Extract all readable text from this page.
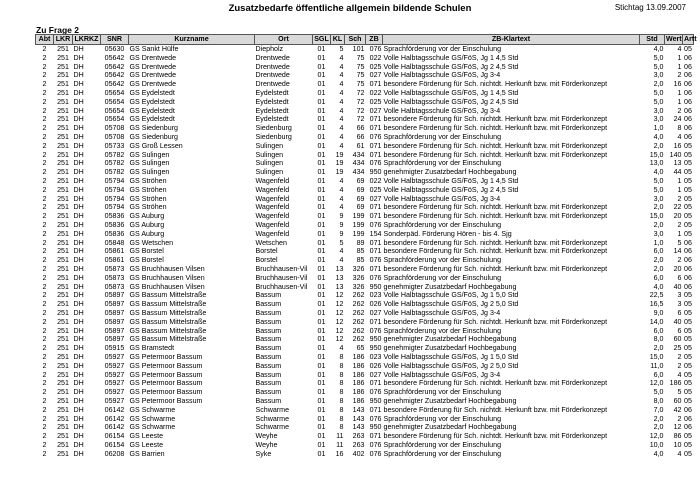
Zusatzbedarfe öffentliche allgemein bildende Schulen	Stichtag 13.09.2007
Zu Frage 2
Abt	LKR	LKRKZ	SNR	Kurzname	Ort	SGL	KL	Sch	ZB	ZB-Klartext	Std	Wert	Artt
2	251	DH	05630	GS Sankt Hülfe	Diepholz	01	5	101	076	Sprachförderung vor der Einschulung	4,0	4	05
2	251	DH	05642	GS Drentwede	Drentwede	01	4	75	022	Volle Halbtagsschule GS/FöS, Jg 1 4,5 Std	5,0	1	06
2	251	DH	05642	GS Drentwede	Drentwede	01	4	75	025	Volle Halbtagsschule GS/FöS, Jg 2 4,5 Std	5,0	1	06
2	251	DH	05642	GS Drentwede	Drentwede	01	4	75	027	Volle Halbtagsschule GS/FöS, Jg 3-4	3,0	2	06
2	251	DH	05642	GS Drentwede	Drentwede	01	4	75	071	besondere Förderung für Sch. nichtdt. Herkunft bzw. mit Förderkonzept	2,0	16	06
2	251	DH	05654	GS Eydelstedt	Eydelstedt	01	4	72	022	Volle Halbtagsschule GS/FöS, Jg 1 4,5 Std	5,0	1	06
2	251	DH	05654	GS Eydelstedt	Eydelstedt	01	4	72	025	Volle Halbtagsschule GS/FöS, Jg 2 4,5 Std	5,0	1	06
2	251	DH	05654	GS Eydelstedt	Eydelstedt	01	4	72	027	Volle Halbtagsschule GS/FöS, Jg 3-4	3,0	2	06
2	251	DH	05654	GS Eydelstedt	Eydelstedt	01	4	72	071	besondere Förderung für Sch. nichtdt. Herkunft bzw. mit Förderkonzept	3,0	24	06
2	251	DH	05708	GS Siedenburg	Siedenburg	01	4	66	071	besondere Förderung für Sch. nichtdt. Herkunft bzw. mit Förderkonzept	1,0	8	06
2	251	DH	05708	GS Siedenburg	Siedenburg	01	4	66	076	Sprachförderung vor der Einschulung	4,0	4	06
2	251	DH	05733	GS Groß Lessen	Sulingen	01	4	61	071	besondere Förderung für Sch. nichtdt. Herkunft bzw. mit Förderkonzept	2,0	16	05
2	251	DH	05782	GS Sulingen	Sulingen	01	19	434	071	besondere Förderung für Sch. nichtdt. Herkunft bzw. mit Förderkonzept	15,0	140	05
2	251	DH	05782	GS Sulingen	Sulingen	01	19	434	076	Sprachförderung vor der Einschulung	13,0	13	05
2	251	DH	05782	GS Sulingen	Sulingen	01	19	434	950	genehmigter Zusatzbedarf Hochbegabung	4,0	44	05
2	251	DH	05794	GS Ströhen	Wagenfeld	01	4	69	022	Volle Halbtagsschule GS/FöS, Jg 1 4,5 Std	5,0	1	05
2	251	DH	05794	GS Ströhen	Wagenfeld	01	4	69	025	Volle Halbtagsschule GS/FöS, Jg 2 4,5 Std	5,0	1	05
2	251	DH	05794	GS Ströhen	Wagenfeld	01	4	69	027	Volle Halbtagsschule GS/FöS, Jg 3-4	3,0	2	05
2	251	DH	05794	GS Ströhen	Wagenfeld	01	4	69	071	besondere Förderung für Sch. nichtdt. Herkunft bzw. mit Förderkonzept	2,0	22	05
2	251	DH	05836	GS Auburg	Wagenfeld	01	9	199	071	besondere Förderung für Sch. nichtdt. Herkunft bzw. mit Förderkonzept	15,0	20	05
2	251	DH	05836	GS Auburg	Wagenfeld	01	9	199	076	Sprachförderung vor der Einschulung	2,0	2	05
2	251	DH	05836	GS Auburg	Wagenfeld	01	9	199	154	Sonderpäd. Förderung Hören - bis 4. Sjg	3,0	1	05
2	251	DH	05848	GS Wetschen	Wetschen	01	5	89	071	besondere Förderung für Sch. nichtdt. Herkunft bzw. mit Förderkonzept	1,0	5	06
2	251	DH	05861	GS Borstel	Borstel	01	4	85	071	besondere Förderung für Sch. nichtdt. Herkunft bzw. mit Förderkonzept	6,0	14	06
2	251	DH	05861	GS Borstel	Borstel	01	4	85	076	Sprachförderung vor der Einschulung	2,0	2	06
2	251	DH	05873	GS Bruchhausen Vilsen	Bruchhausen-Vil	01	13	326	071	besondere Förderung für Sch. nichtdt. Herkunft bzw. mit Förderkonzept	2,0	20	06
2	251	DH	05873	GS Bruchhausen Vilsen	Bruchhausen-Vil	01	13	326	076	Sprachförderung vor der Einschulung	6,0	6	06
2	251	DH	05873	GS Bruchhausen Vilsen	Bruchhausen-Vil	01	13	326	950	genehmigter Zusatzbedarf Hochbegabung	4,0	40	06
2	251	DH	05897	GS Bassum Mittelstraße	Bassum	01	12	262	023	Volle Halbtagsschule GS/FöS, Jg 1 5,0 Std	22,5	3	05
2	251	DH	05897	GS Bassum Mittelstraße	Bassum	01	12	262	026	Volle Halbtagsschule GS/FöS, Jg 2 5,0 Std	16,5	3	05
2	251	DH	05897	GS Bassum Mittelstraße	Bassum	01	12	262	027	Volle Halbtagsschule GS/FöS, Jg 3-4	9,0	6	05
2	251	DH	05897	GS Bassum Mittelstraße	Bassum	01	12	262	071	besondere Förderung für Sch. nichtdt. Herkunft bzw. mit Förderkonzept	14,0	40	05
2	251	DH	05897	GS Bassum Mittelstraße	Bassum	01	12	262	076	Sprachförderung vor der Einschulung	6,0	6	05
2	251	DH	05897	GS Bassum Mittelstraße	Bassum	01	12	262	950	genehmigter Zusatzbedarf Hochbegabung	8,0	60	05
2	251	DH	05915	GS Bramstedt	Bassum	01	4	65	950	genehmigter Zusatzbedarf Hochbegabung	2,0	25	05
2	251	DH	05927	GS Petermoor Bassum	Bassum	01	8	186	023	Volle Halbtagsschule GS/FöS, Jg 1 5,0 Std	15,0	2	05
2	251	DH	05927	GS Petermoor Bassum	Bassum	01	8	186	026	Volle Halbtagsschule GS/FöS, Jg 2 5,0 Std	11,0	2	05
2	251	DH	05927	GS Petermoor Bassum	Bassum	01	8	186	027	Volle Halbtagsschule GS/FöS, Jg 3-4	6,0	4	05
2	251	DH	05927	GS Petermoor Bassum	Bassum	01	8	186	071	besondere Förderung für Sch. nichtdt. Herkunft bzw. mit Förderkonzept	12,0	186	05
2	251	DH	05927	GS Petermoor Bassum	Bassum	01	8	186	076	Sprachförderung vor der Einschulung	5,0	5	05
2	251	DH	05927	GS Petermoor Bassum	Bassum	01	8	186	950	genehmigter Zusatzbedarf Hochbegabung	8,0	60	05
2	251	DH	06142	GS Schwarme	Schwarme	01	8	143	071	besondere Förderung für Sch. nichtdt. Herkunft bzw. mit Förderkonzept	7,0	42	06
2	251	DH	06142	GS Schwarme	Schwarme	01	8	143	076	Sprachförderung vor der Einschulung	2,0	2	06
2	251	DH	06142	GS Schwarme	Schwarme	01	8	143	950	genehmigter Zusatzbedarf Hochbegabung	2,0	12	06
2	251	DH	06154	GS Leeste	Weyhe	01	11	263	071	besondere Förderung für Sch. nichtdt. Herkunft bzw. mit Förderkonzept	12,0	86	05
2	251	DH	06154	GS Leeste	Weyhe	01	11	263	076	Sprachförderung vor der Einschulung	10,0	10	05
2	251	DH	06208	GS Barrien	Syke	01	16	402	076	Sprachförderung vor der Einschulung	4,0	4	05
